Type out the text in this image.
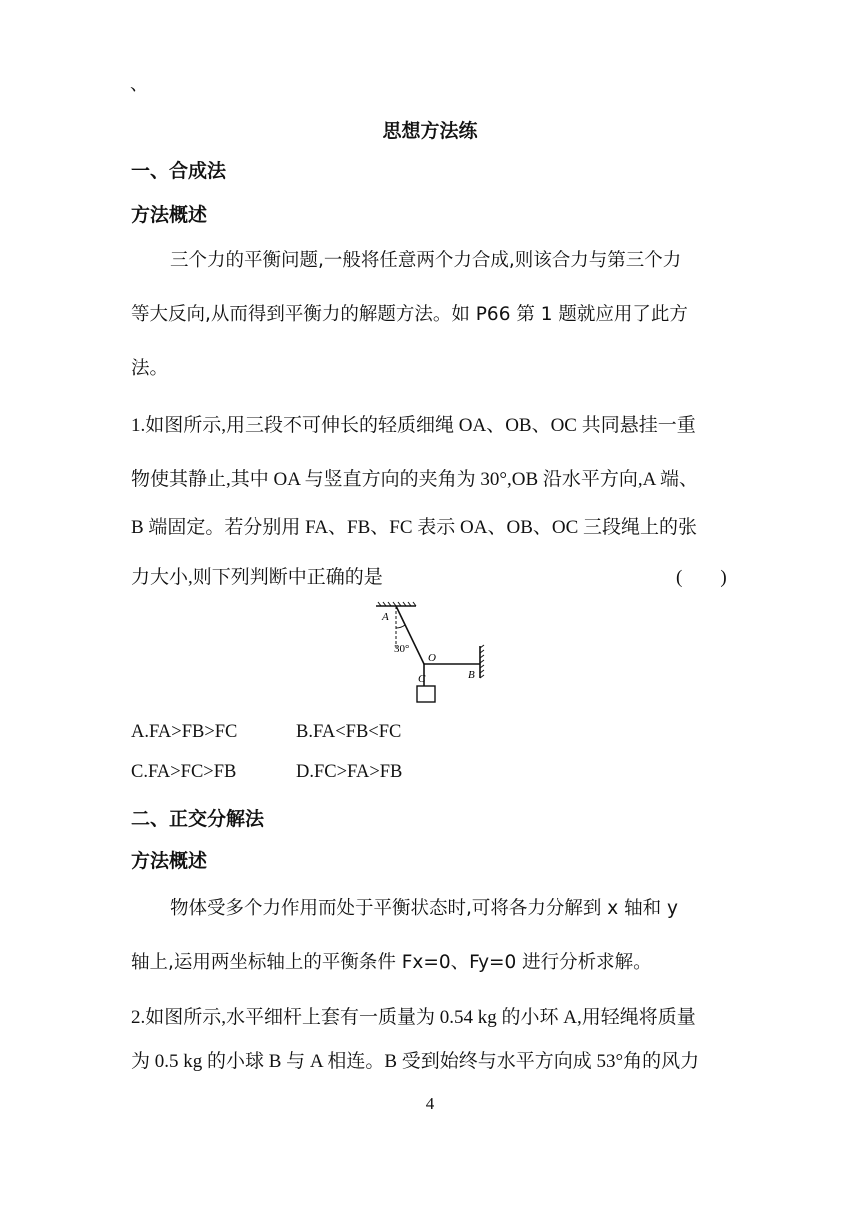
、
思想方法练
一、合成法
方法概述
三个力的平衡问题,一般将任意两个力合成,则该合力与第三个力
等大反向,从而得到平衡力的解题方法。如 P66 第 1 题就应用了此方
法。
1.如图所示,用三段不可伸长的轻质细绳 OA、OB、OC 共同悬挂一重
物使其静止,其中 OA 与竖直方向的夹角为 30°,OB 沿水平方向,A 端、
B 端固定。若分别用 FA、FB、FC 表示 OA、OB、OC 三段绳上的张
力大小,则下列判断中正确的是	(　　)
A
30°
O
C	B
A.FA>FB>FC	B.FA<FB<FC
C.FA>FC>FB	D.FC>FA>FB
二、正交分解法
方法概述
物体受多个力作用而处于平衡状态时,可将各力分解到 x 轴和 y
轴上,运用两坐标轴上的平衡条件 Fx=0、Fy=0 进行分析求解。
2.如图所示,水平细杆上套有一质量为 0.54 kg 的小环 A,用轻绳将质量
为 0.5 kg 的小球 B 与 A 相连。B 受到始终与水平方向成 53°角的风力
4
